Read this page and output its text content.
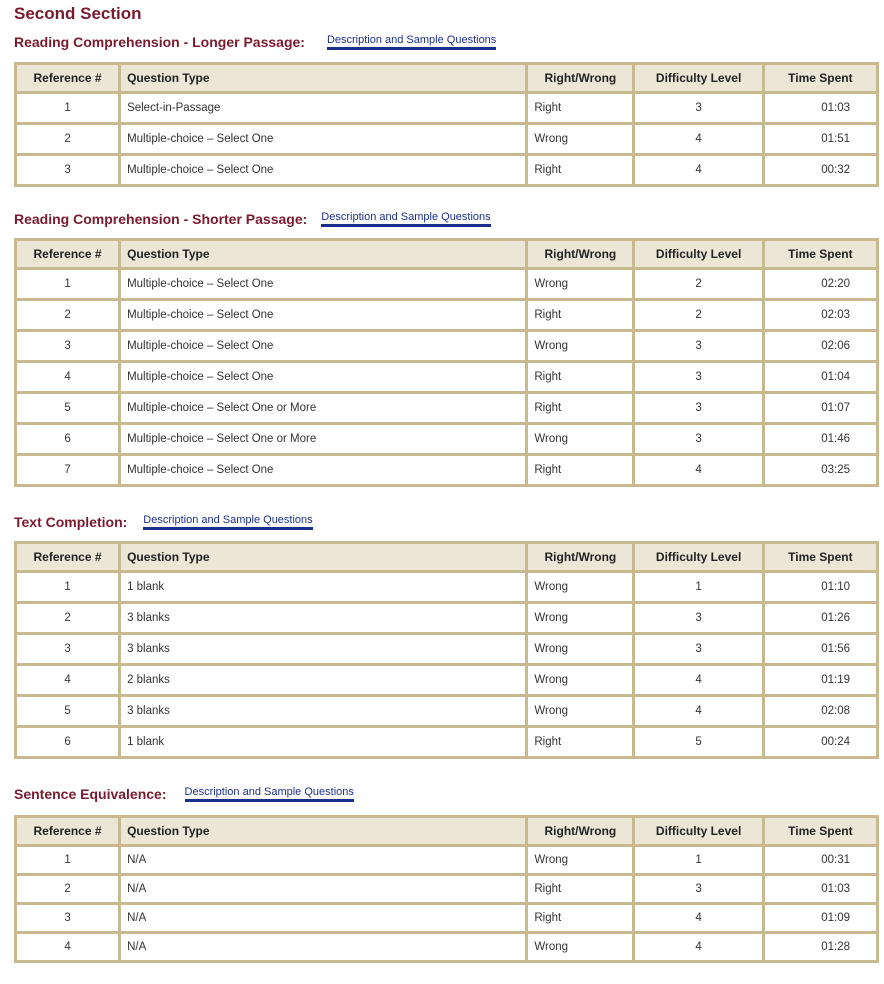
Second Section
Reading Comprehension - Longer Passage: Description and Sample Questions
Reference #	Question Type	Right/Wrong	Difficulty Level	Time Spent
1	Select-in-Passage	Right	3	01:03
2	Multiple-choice – Select One	Wrong	4	01:51
3	Multiple-choice – Select One	Right	4	00:32
Reading Comprehension - Shorter Passage: Description and Sample Questions
Reference #	Question Type	Right/Wrong	Difficulty Level	Time Spent
1	Multiple-choice – Select One	Wrong	2	02:20
2	Multiple-choice – Select One	Right	2	02:03
3	Multiple-choice – Select One	Wrong	3	02:06
4	Multiple-choice – Select One	Right	3	01:04
5	Multiple-choice – Select One or More	Right	3	01:07
6	Multiple-choice – Select One or More	Wrong	3	01:46
7	Multiple-choice – Select One	Right	4	03:25
Text Completion: Description and Sample Questions
Reference #	Question Type	Right/Wrong	Difficulty Level	Time Spent
1	1 blank	Wrong	1	01:10
2	3 blanks	Wrong	3	01:26
3	3 blanks	Wrong	3	01:56
4	2 blanks	Wrong	4	01:19
5	3 blanks	Wrong	4	02:08
6	1 blank	Right	5	00:24
Sentence Equivalence: Description and Sample Questions
Reference #	Question Type	Right/Wrong	Difficulty Level	Time Spent
1	N/A	Wrong	1	00:31
2	N/A	Right	3	01:03
3	N/A	Right	4	01:09
4	N/A	Wrong	4	01:28
